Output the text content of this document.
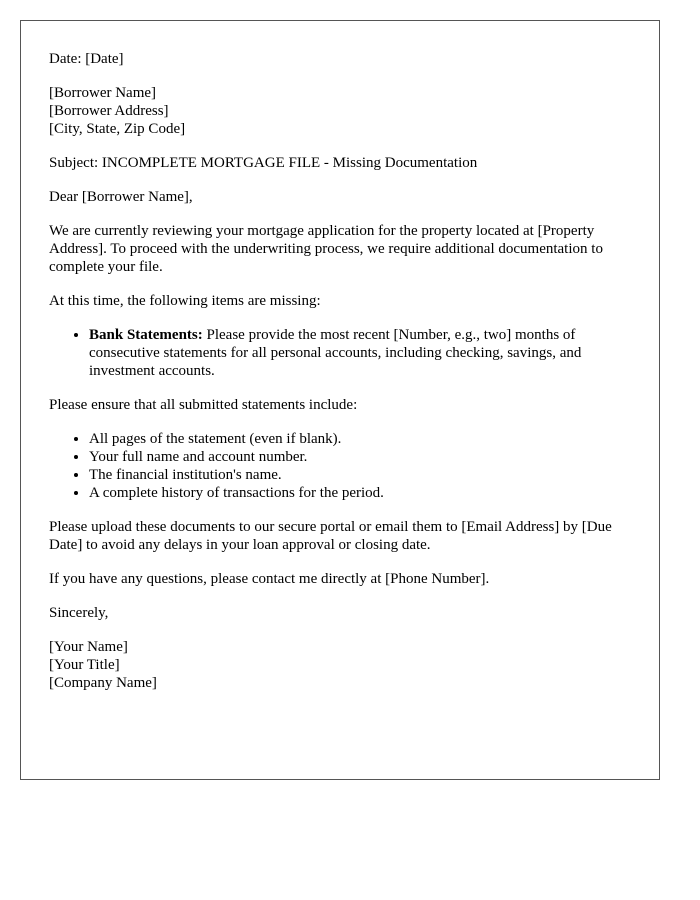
Date: [Date]

[Borrower Name]
[Borrower Address]
[City, State, Zip Code]

Subject: INCOMPLETE MORTGAGE FILE - Missing Documentation

Dear [Borrower Name],

We are currently reviewing your mortgage application for the property located at [Property Address]. To proceed with the underwriting process, we require additional documentation to complete your file.

At this time, the following items are missing:

• Bank Statements: Please provide the most recent [Number, e.g., two] months of consecutive statements for all personal accounts, including checking, savings, and investment accounts.

Please ensure that all submitted statements include:

• All pages of the statement (even if blank).
• Your full name and account number.
• The financial institution's name.
• A complete history of transactions for the period.

Please upload these documents to our secure portal or email them to [Email Address] by [Due Date] to avoid any delays in your loan approval or closing date.

If you have any questions, please contact me directly at [Phone Number].

Sincerely,

[Your Name]
[Your Title]
[Company Name]
